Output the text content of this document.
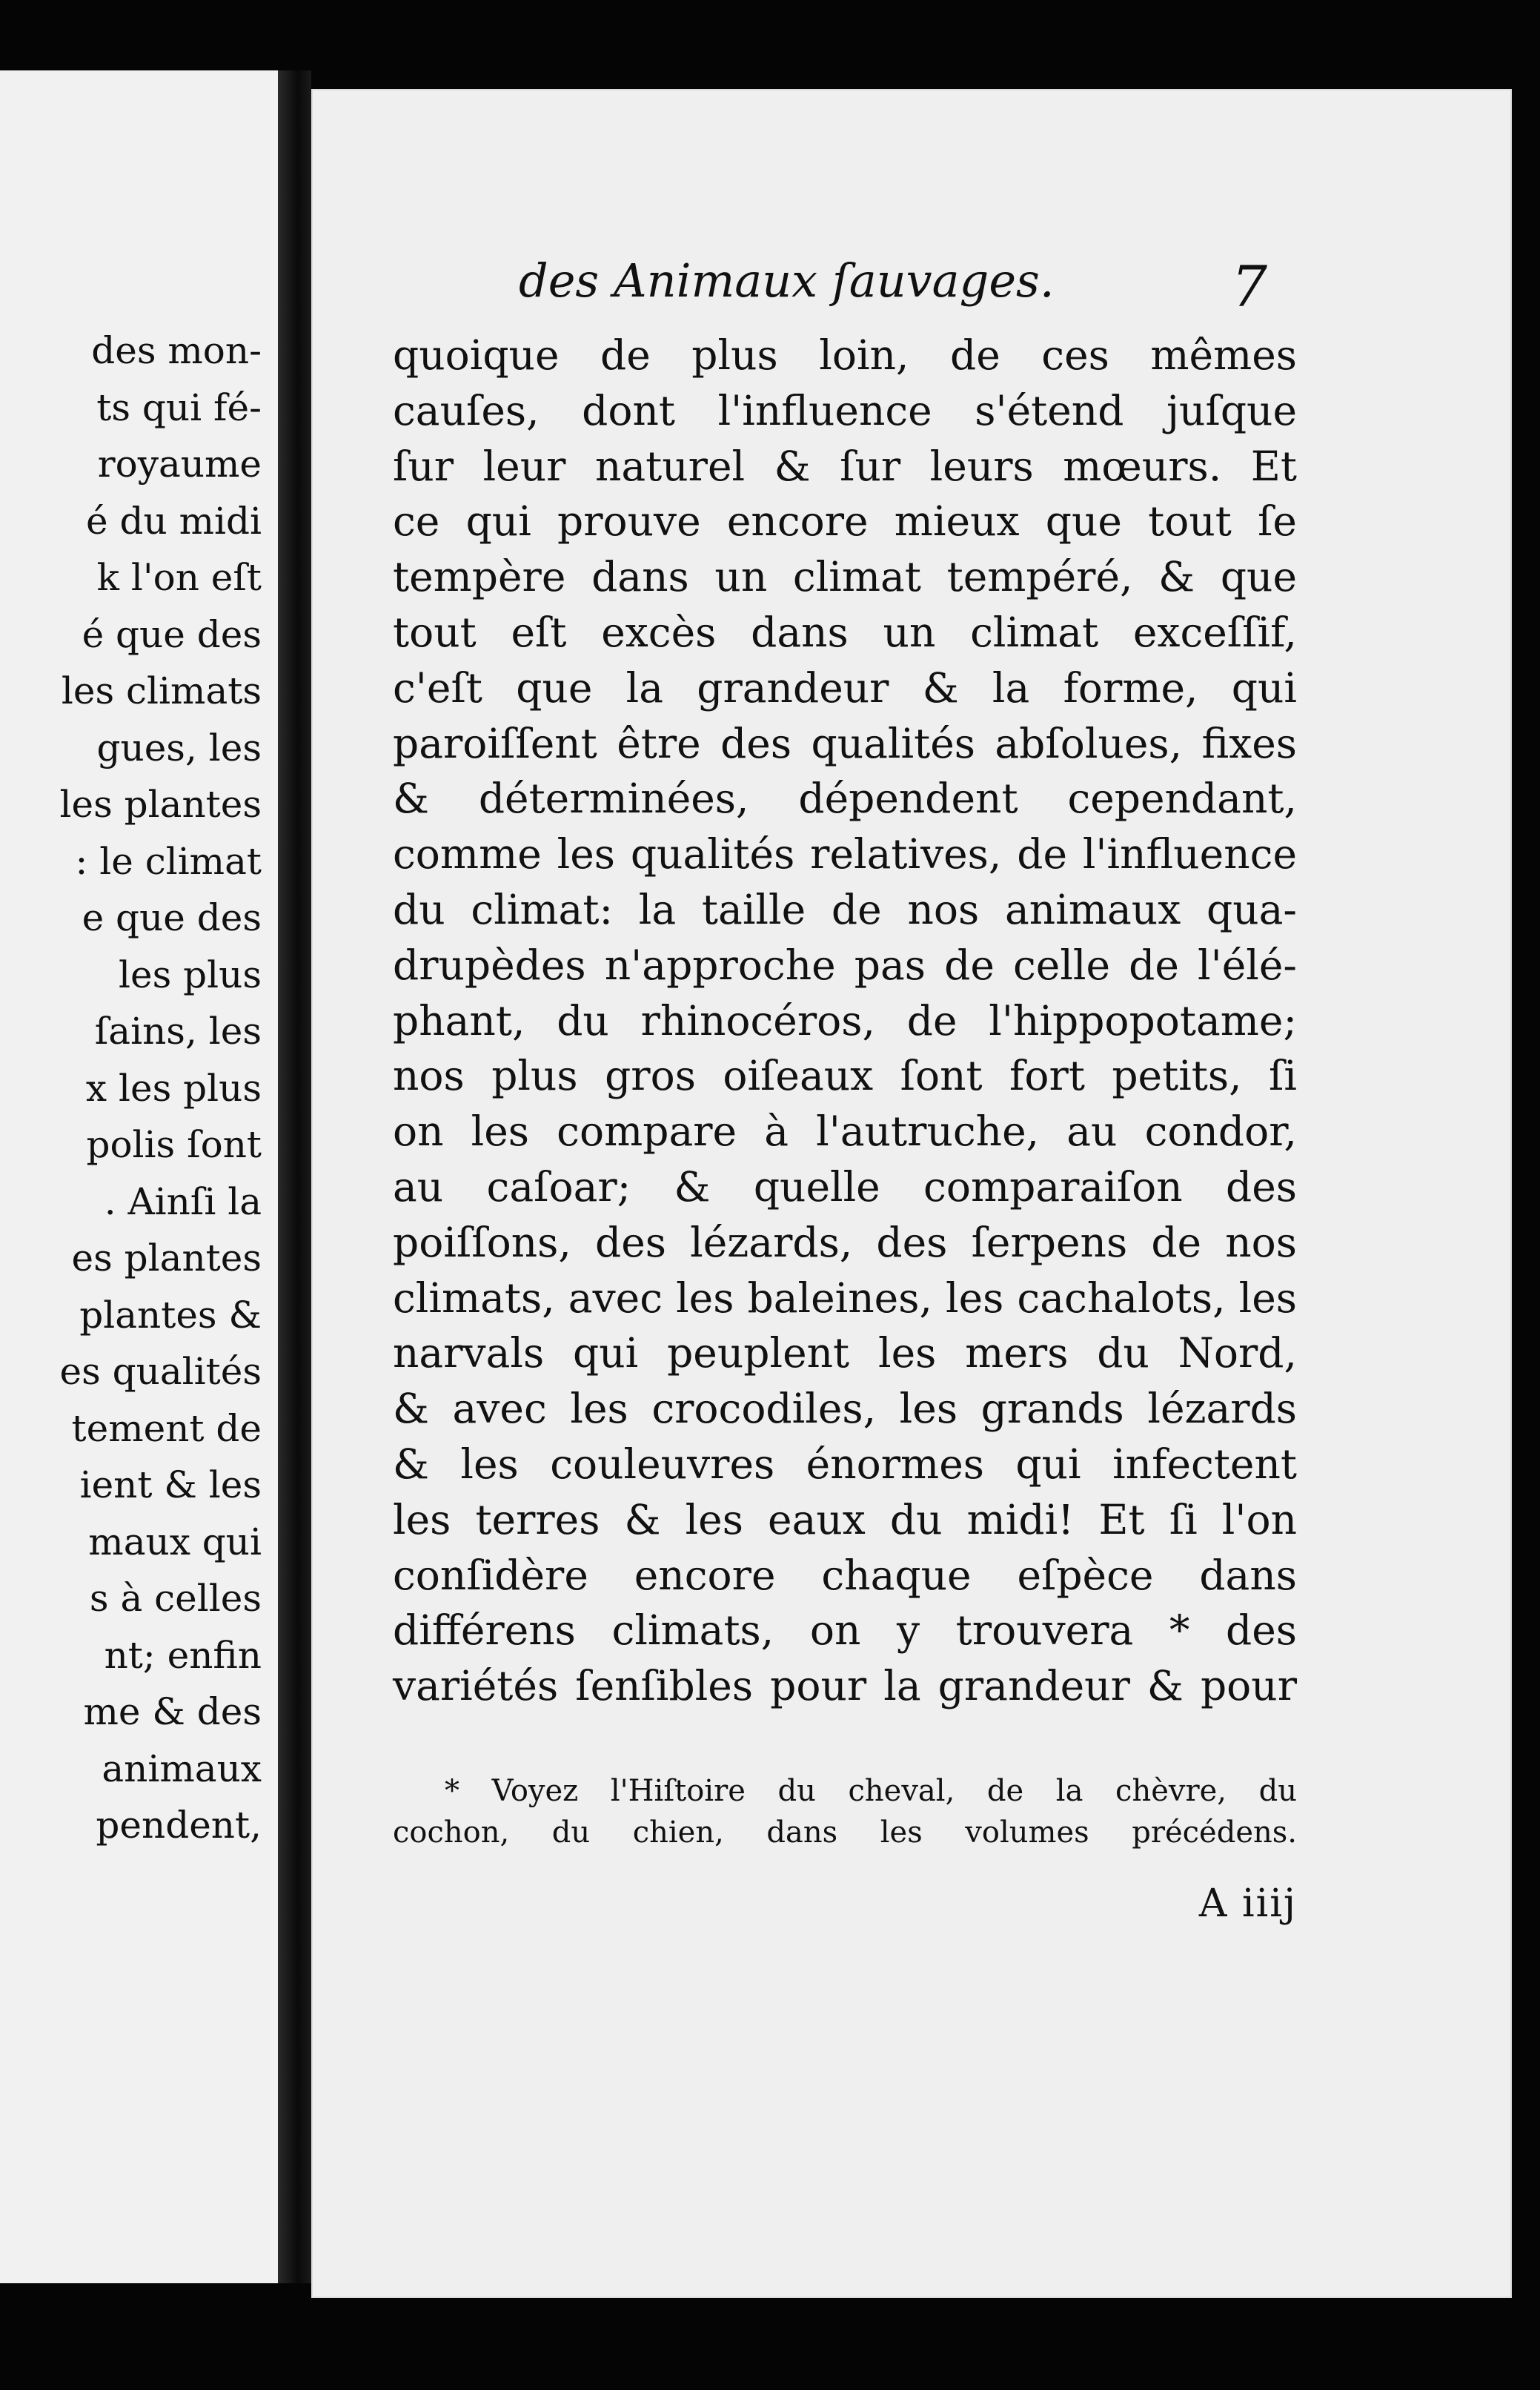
des mon-
ts qui fé-
royaume
é du midi
k l'on eſt
é que des
les climats
gues, les
les plantes
: le climat
e que des
les plus
ſains, les
x les plus
polis ſont
. Ainſi la
es plantes
plantes &
es qualités
tement de
ient & les
maux qui
s à celles
nt; enfin
me & des
animaux
pendent,
des Animaux ſauvages.	7
quoique de plus loin, de ces mêmes
cauſes, dont l'influence s'étend juſque
ſur leur naturel & ſur leurs mœurs. Et
ce qui prouve encore mieux que tout ſe
tempère dans un climat tempéré, & que
tout eſt excès dans un climat exceſſif,
c'eſt que la grandeur & la forme, qui
paroiſſent être des qualités abſolues, fixes
& déterminées, dépendent cependant,
comme les qualités relatives, de l'influence
du climat: la taille de nos animaux qua-
drupèdes n'approche pas de celle de l'élé-
phant, du rhinocéros, de l'hippopotame;
nos plus gros oiſeaux ſont fort petits, ſi
on les compare à l'autruche, au condor,
au caſoar; & quelle comparaiſon des
poiſſons, des lézards, des ſerpens de nos
climats, avec les baleines, les cachalots, les
narvals qui peuplent les mers du Nord,
& avec les crocodiles, les grands lézards
& les couleuvres énormes qui infectent
les terres & les eaux du midi! Et ſi l'on
conſidère encore chaque eſpèce dans
différens climats, on y trouvera * des
variétés ſenſibles pour la grandeur & pour
* Voyez l'Hiſtoire du cheval, de la chèvre, du
cochon, du chien, dans les volumes précédens.
A iiij
